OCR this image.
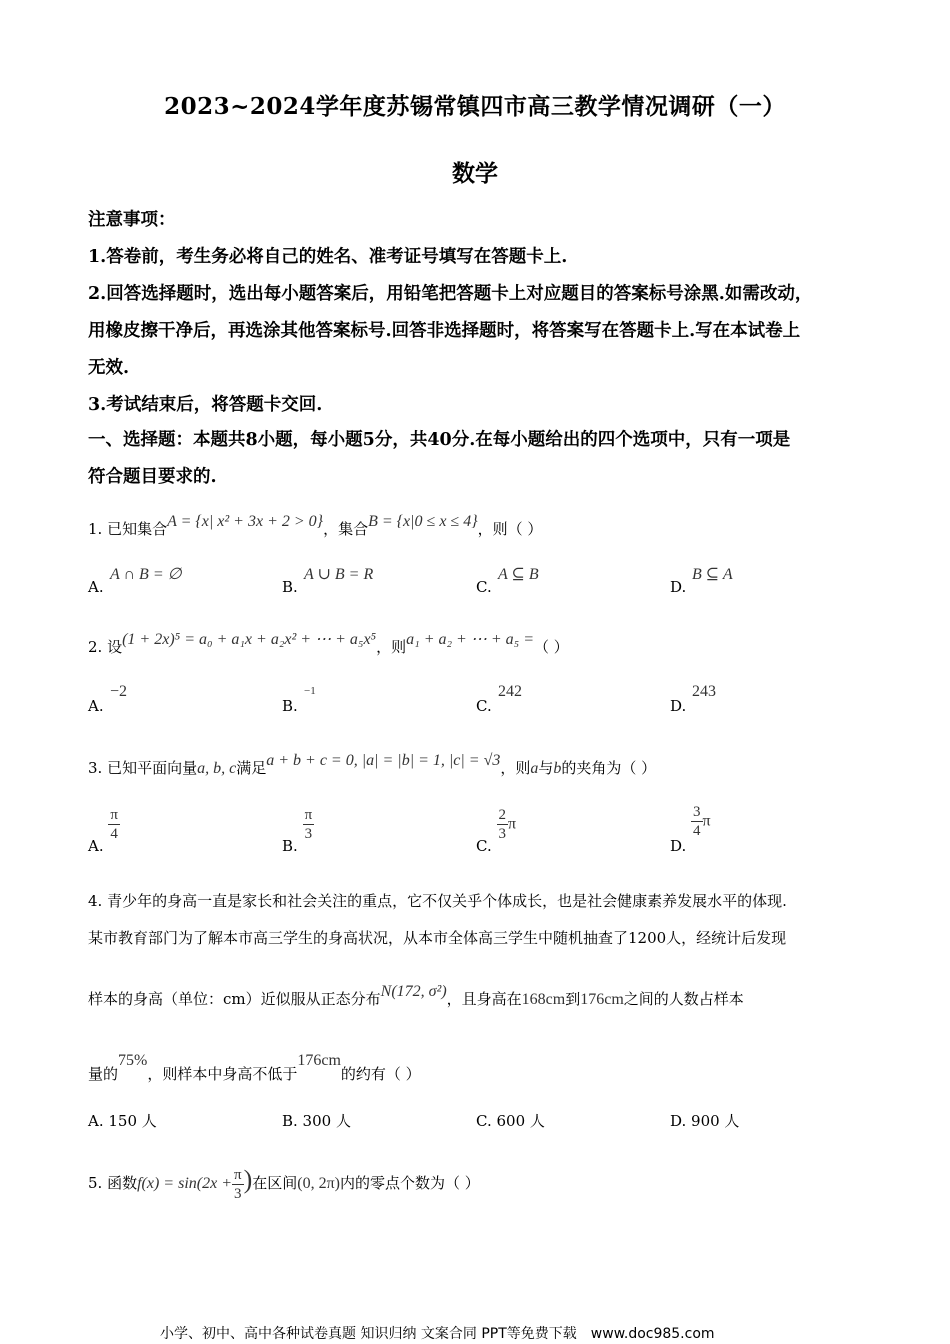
2023~2024学年度苏锡常镇四市高三教学情况调研（一）
数学
注意事项：
1.答卷前，考生务必将自己的姓名、准考证号填写在答题卡上.
2.回答选择题时，选出每小题答案后，用铅笔把答题卡上对应题目的答案标号涂黑.如需改动，
用橡皮擦干净后，再选涂其他答案标号.回答非选择题时，将答案写在答题卡上.写在本试卷上
无效.
3.考试结束后，将答题卡交回.
一、选择题：本题共8小题，每小题5分，共40分.在每小题给出的四个选项中，只有一项是
符合题目要求的.
1. 已知集合A = {x| x² + 3x + 2 > 0}，集合B = {x|0 ≤ x ≤ 4}，则（ ）
A.
A ∩ B = ∅
B.
A ∪ B = R
C.
A ⊆ B
D.
B ⊆ A
2. 设(1 + 2x)⁵ = a₀ + a₁x + a₂x² + ⋯ + a₅x⁵，则a₁ + a₂ + ⋯ + a₅ =（ ）
A.
−2
B.
−1
C.
242
D.
243
3. 已知平面向量a, b, c满足a + b + c = 0, |a| = |b| = 1, |c| = √3，则a与b的夹角为（ ）
A.
$\frac{\pi}{4}$
B.
$\frac{\pi}{3}$
C.
$\frac{2}{3}$ π
D.
$\frac{3}{4}$ π
4. 青少年的身高一直是家长和社会关注的重点，它不仅关乎个体成长，也是社会健康素养发展水平的体现.
某市教育部门为了解本市高三学生的身高状况，从本市全体高三学生中随机抽查了1200人，经统计后发现
样本的身高（单位：cm）近似服从正态分布N(172, σ²)，且身高在168cm到176cm之间的人数占样本
量的75%，则样本中身高不低于176cm的约有（ ）
A. 150 人	B. 300 人	C. 600 人	D. 900 人
5. 函数$f(x) = \sin(2x + \frac{\pi}{3}$ )在区间(0, 2π)内的零点个数为（ ）
小学、初中、高中各种试卷真题 知识归纳 文案合同 PPT等免费下载 www.doc985.com
